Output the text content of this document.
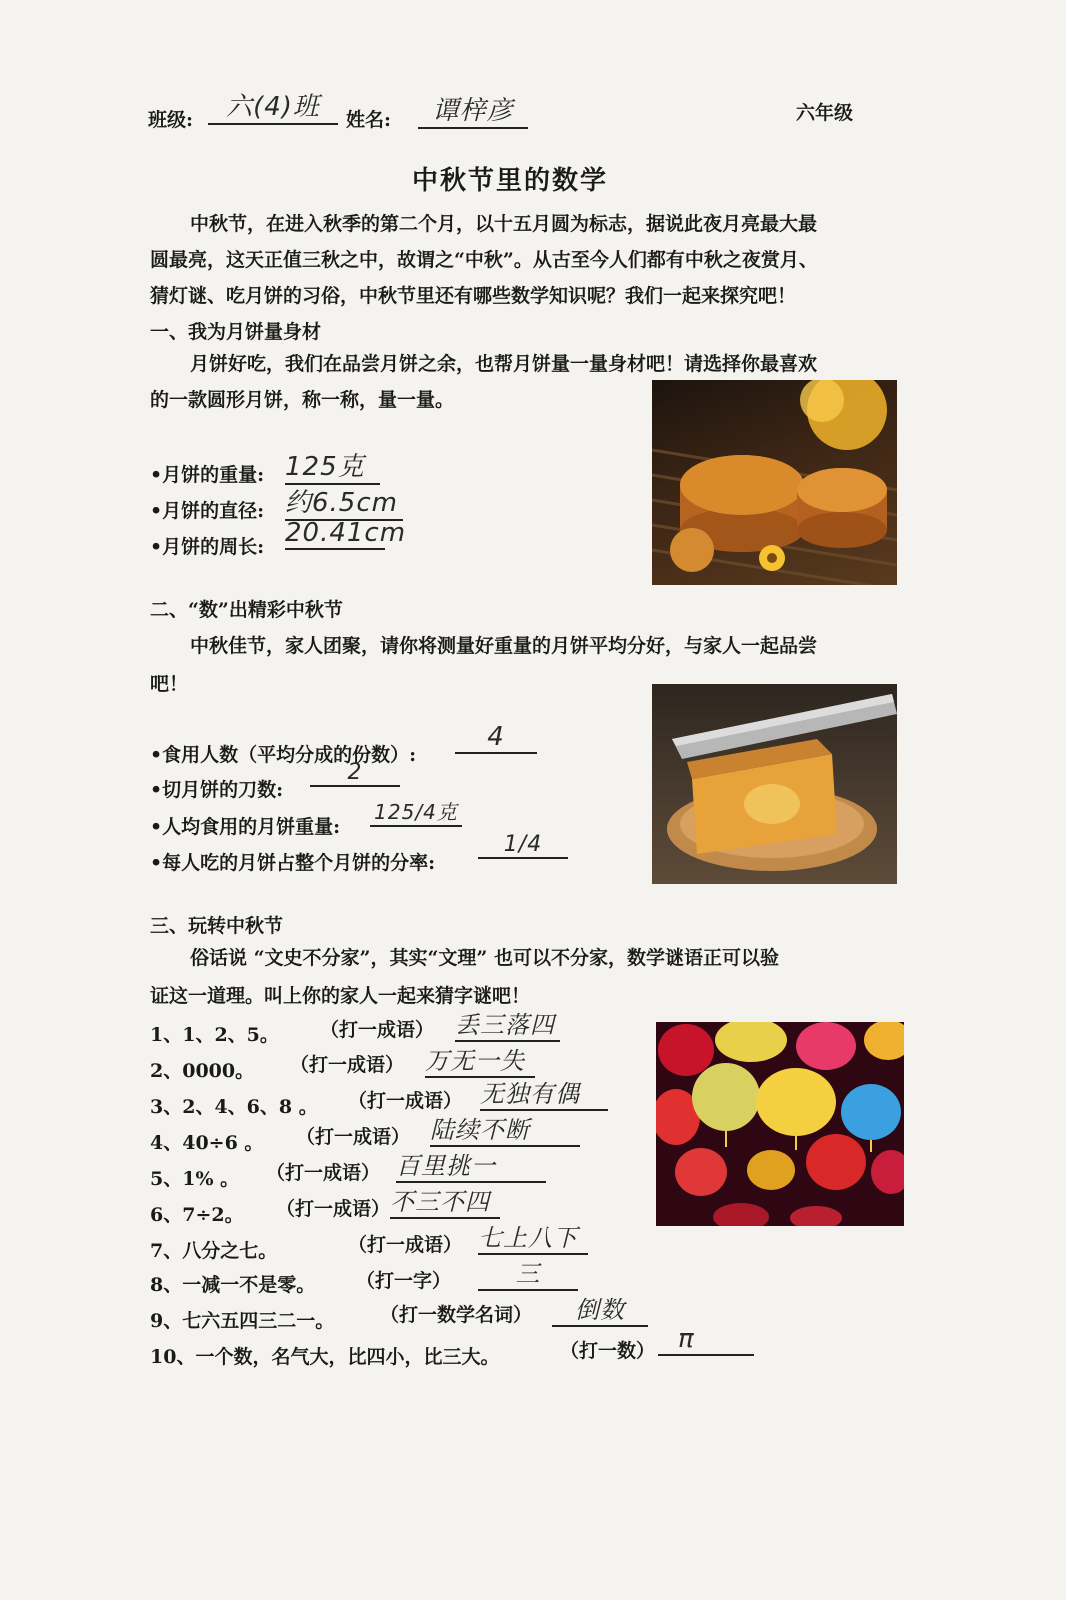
班级:	六(4)班	姓名:	谭梓彦	六年级
中秋节里的数学
中秋节，在进入秋季的第二个月，以十五月圆为标志，据说此夜月亮最大最
圆最亮，这天正值三秋之中，故谓之“中秋”。从古至今人们都有中秋之夜赏月、
猜灯谜、吃月饼的习俗，中秋节里还有哪些数学知识呢？我们一起来探究吧！
一、我为月饼量身材
月饼好吃，我们在品尝月饼之余，也帮月饼量一量身材吧！请选择你最喜欢
的一款圆形月饼，称一称，量一量。
•月饼的重量: 125克
•月饼的直径: 约6.5cm
•月饼的周长: 20.41cm
二、“数”出精彩中秋节
中秋佳节，家人团聚，请你将测量好重量的月饼平均分好，与家人一起品尝
吧！
•食用人数（平均分成的份数）:
4
•切月饼的刀数:
2
•人均食用的月饼重量:
125/4克
•每人吃的月饼占整个月饼的分率:
1/4
三、玩转中秋节
俗话说 “文史不分家”，其实“文理” 也可以不分家，数学谜语正可以验
证这一道理。叫上你的家人一起来猜字谜吧！
1、1、2、5。 （打一成语） 丢三落四
2、0000。 （打一成语） 万无一失
3、2、4、6、8 。 （打一成语） 无独有偶
4、40÷6 。 （打一成语） 陆续不断
5、1% 。 （打一成语） 百里挑一
6、7÷2。 （打一成语） 不三不四
7、八分之七。	（打一成语） 七上八下
8、一减一不是零。 （打一字）	三
9、七六五四三二一。 （打一数学名词）	倒数
10、一个数，名气大，比四小，比三大。	（打一数） π
